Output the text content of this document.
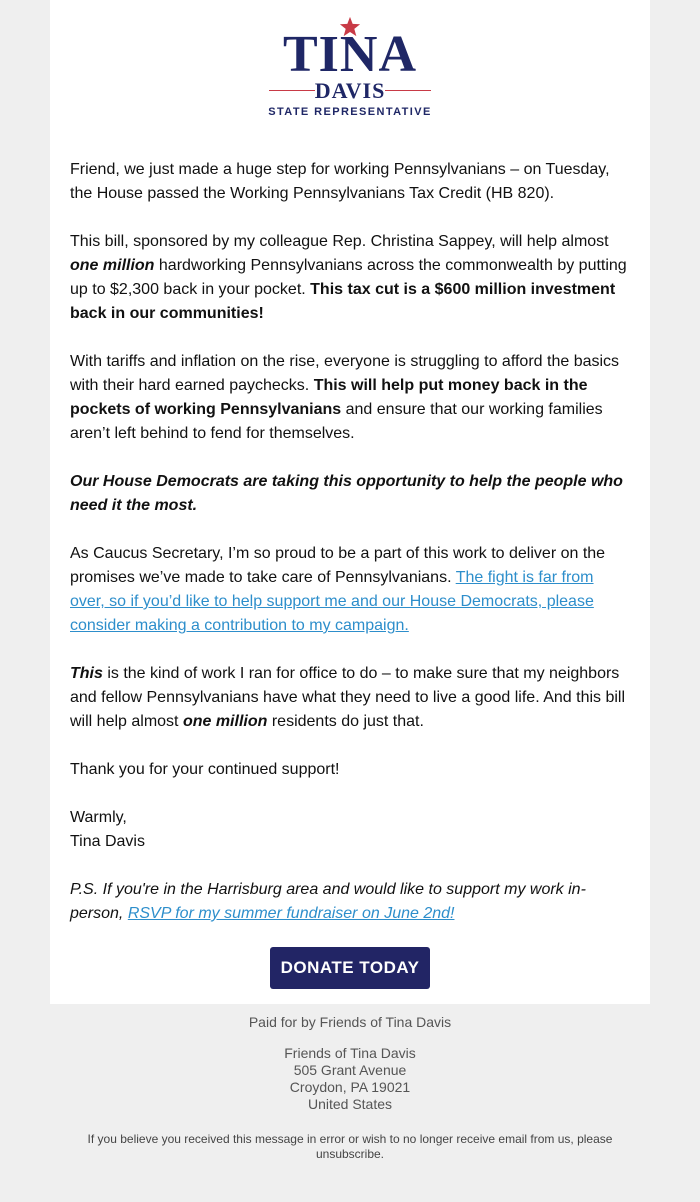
TINA
DAVIS
STATE REPRESENTATIVE

Friend, we just made a huge step for working Pennsylvanians – on Tuesday, the House passed the Working Pennsylvanians Tax Credit (HB 820).

This bill, sponsored by my colleague Rep. Christina Sappey, will help almost one million hardworking Pennsylvanians across the commonwealth by putting up to $2,300 back in your pocket. This tax cut is a $600 million investment back in our communities!

With tariffs and inflation on the rise, everyone is struggling to afford the basics with their hard earned paychecks. This will help put money back in the pockets of working Pennsylvanians and ensure that our working families aren’t left behind to fend for themselves.

Our House Democrats are taking this opportunity to help the people who need it the most.

As Caucus Secretary, I’m so proud to be a part of this work to deliver on the promises we’ve made to take care of Pennsylvanians. The fight is far from over, so if you’d like to help support me and our House Democrats, please consider making a contribution to my campaign.

This is the kind of work I ran for office to do – to make sure that my neighbors and fellow Pennsylvanians have what they need to live a good life. And this bill will help almost one million residents do just that.

Thank you for your continued support!

Warmly,
Tina Davis

P.S. If you're in the Harrisburg area and would like to support my work in-person, RSVP for my summer fundraiser on June 2nd!

DONATE TODAY
Paid for by Friends of Tina Davis
Friends of Tina Davis
505 Grant Avenue
Croydon, PA 19021
United States
If you believe you received this message in error or wish to no longer receive email from us, please unsubscribe.
